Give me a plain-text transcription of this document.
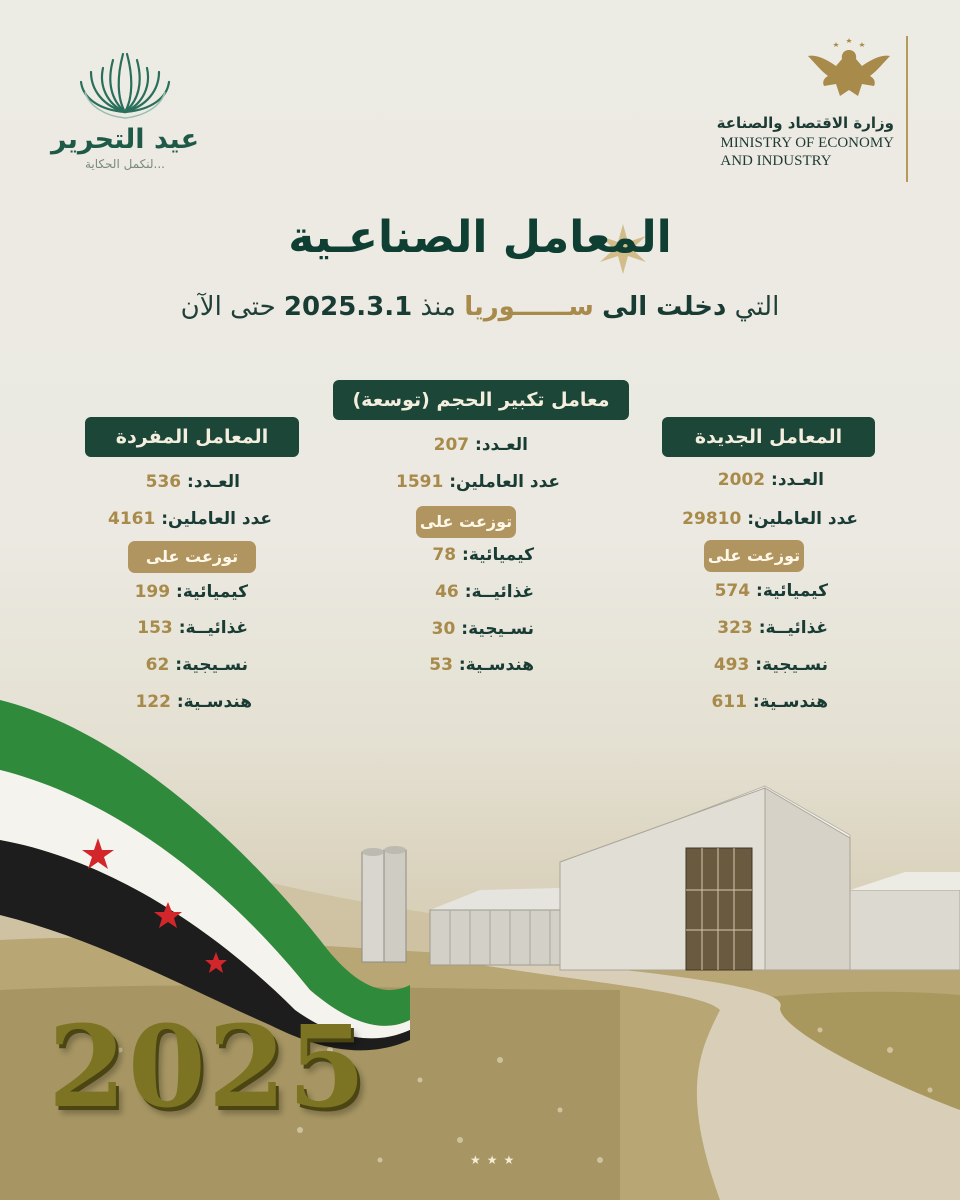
عيد التحرير
لنكمل الحكاية...
وزارة الاقتصاد والصناعة
MINISTRY OF ECONOMY
AND INDUSTRY
المعامل الصناعـية
التي دخلت الى ســــــوريا منذ 2025.3.1 حتى الآن
المعامل الجديدة
العـدد: 2002
عدد العاملين: 29810
توزعت على
كيميائية: 574
غذائيــة: 323
نسـيجية: 493
هندسـية: 611
معامل تكبير الحجم (توسعة)
العـدد: 207
عدد العاملين: 1591
توزعت على
كيميائية: 78
غذائيــة: 46
نسـيجية: 30
هندسـية: 53
المعامل المفردة
العـدد: 536
عدد العاملين: 4161
توزعت على
كيميائية: 199
غذائيــة: 153
نسـيجية: 62
هندسـية: 122
2025
★★★
